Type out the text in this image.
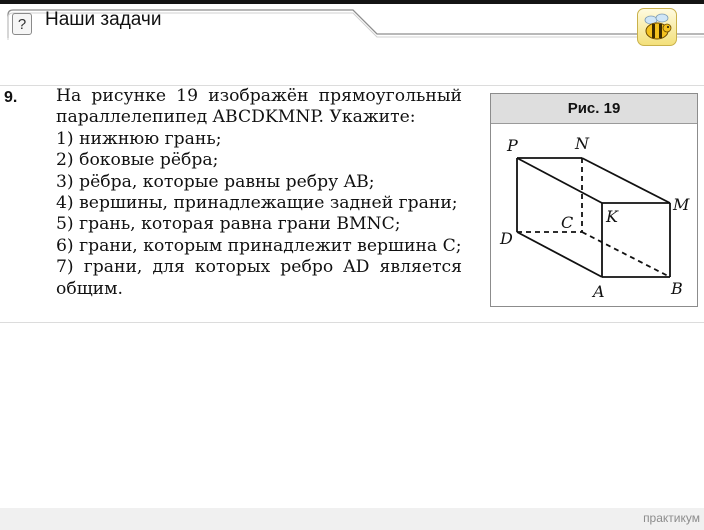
? Наши задачи
9. На рисунке 19 изображён прямоугольный
параллелепипед ABCDKMNP. Укажите:
1) нижнюю грань;
2) боковые рёбра;
3) рёбра, которые равны ребру AB;
4) вершины, принадлежащие задней грани;
5) грань, которая равна грани BMNC;
6) грани, которым принадлежит вершина C;
7) грани, для которых ребро AD является
общим.
Рис. 19
P	N
M
K
C
D
A	B
практикум
